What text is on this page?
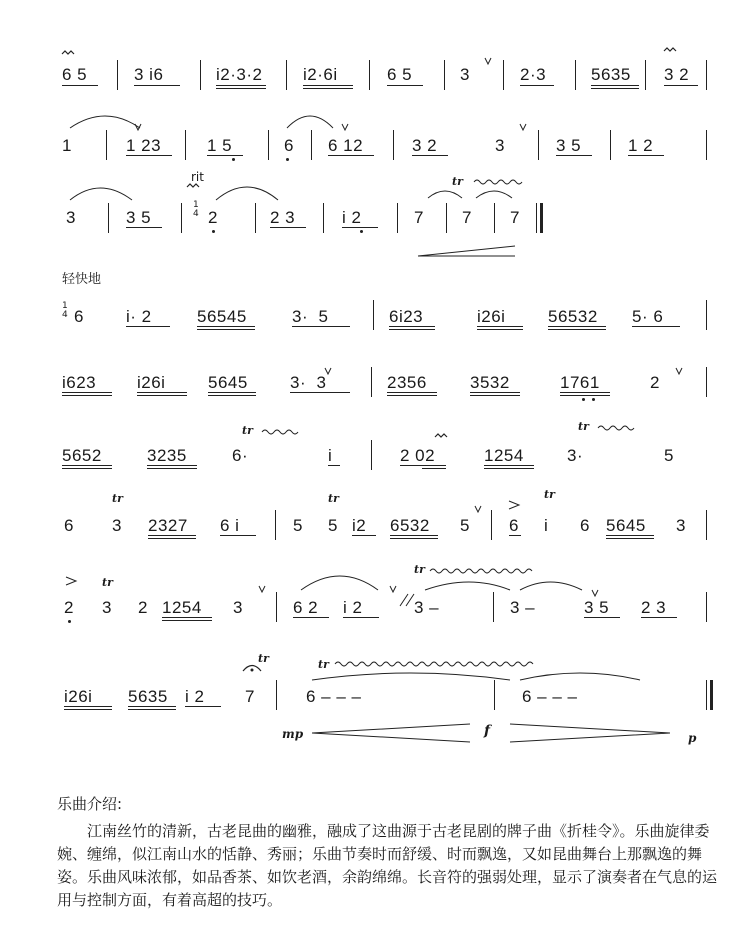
6 5	3 i6	i2·3·2 i2·6i	6 5	3	2·3	5635 3 2
1	1 23	1 5	6 6 12	3 2	3	3 5	1 2
rit
1
4
3	3 5	2	2 3	i 2	7 7 7
tr
轻快地
1
4 6 i· 2	56545	3·  5	6i23	i26i	56532 5· 6
i623 i26i	5645 3·  3	2356	3532	1761	2
tr	tr
5652	3235	6·	i	2 02	1254	3·	5
tr	tr	tr
6 3 2327 6 i	5 5 i2 6532 5 6 i 6 5645 3
tr
tr
2 3 2 1254 3	6 2 i 2	3 –	3 –	3 5 2 3
tr	tr
i26i 5635 i 2 7	6 – – –	6 – – –
mp	f	p
乐曲介绍:
江南丝竹的清新，古老昆曲的幽雅，融成了这曲源于古老昆剧的牌子曲《折桂令》。乐曲旋律委婉、缠绵，似江南山水的恬静、秀丽；乐曲节奏时而舒缓、时而飘逸，又如昆曲舞台上那飘逸的舞姿。乐曲风味浓郁，如品香茶、如饮老酒，余韵绵绵。长音符的强弱处理，显示了演奏者在气息的运用与控制方面，有着高超的技巧。
